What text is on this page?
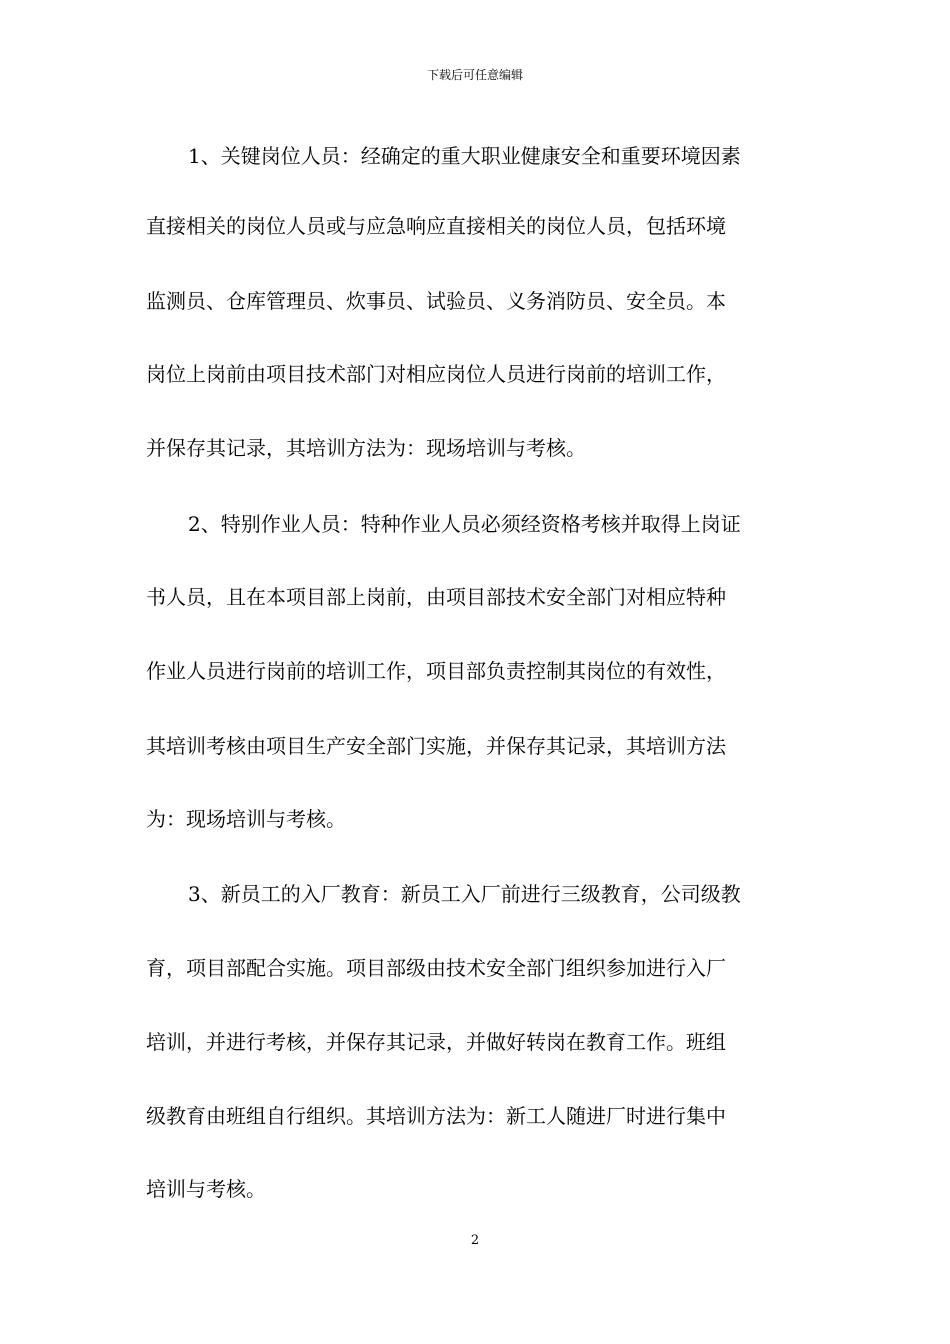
下载后可任意编辑
1、关键岗位人员：经确定的重大职业健康安全和重要环境因素
直接相关的岗位人员或与应急响应直接相关的岗位人员，包括环境
监测员、仓库管理员、炊事员、试验员、义务消防员、安全员。本
岗位上岗前由项目技术部门对相应岗位人员进行岗前的培训工作，
并保存其记录，其培训方法为：现场培训与考核。
2、特别作业人员：特种作业人员必须经资格考核并取得上岗证
书人员，且在本项目部上岗前，由项目部技术安全部门对相应特种
作业人员进行岗前的培训工作，项目部负责控制其岗位的有效性，
其培训考核由项目生产安全部门实施，并保存其记录，其培训方法
为：现场培训与考核。
3、新员工的入厂教育：新员工入厂前进行三级教育，公司级教
育，项目部配合实施。项目部级由技术安全部门组织参加进行入厂
培训，并进行考核，并保存其记录，并做好转岗在教育工作。班组
级教育由班组自行组织。其培训方法为：新工人随进厂时进行集中
培训与考核。
2
